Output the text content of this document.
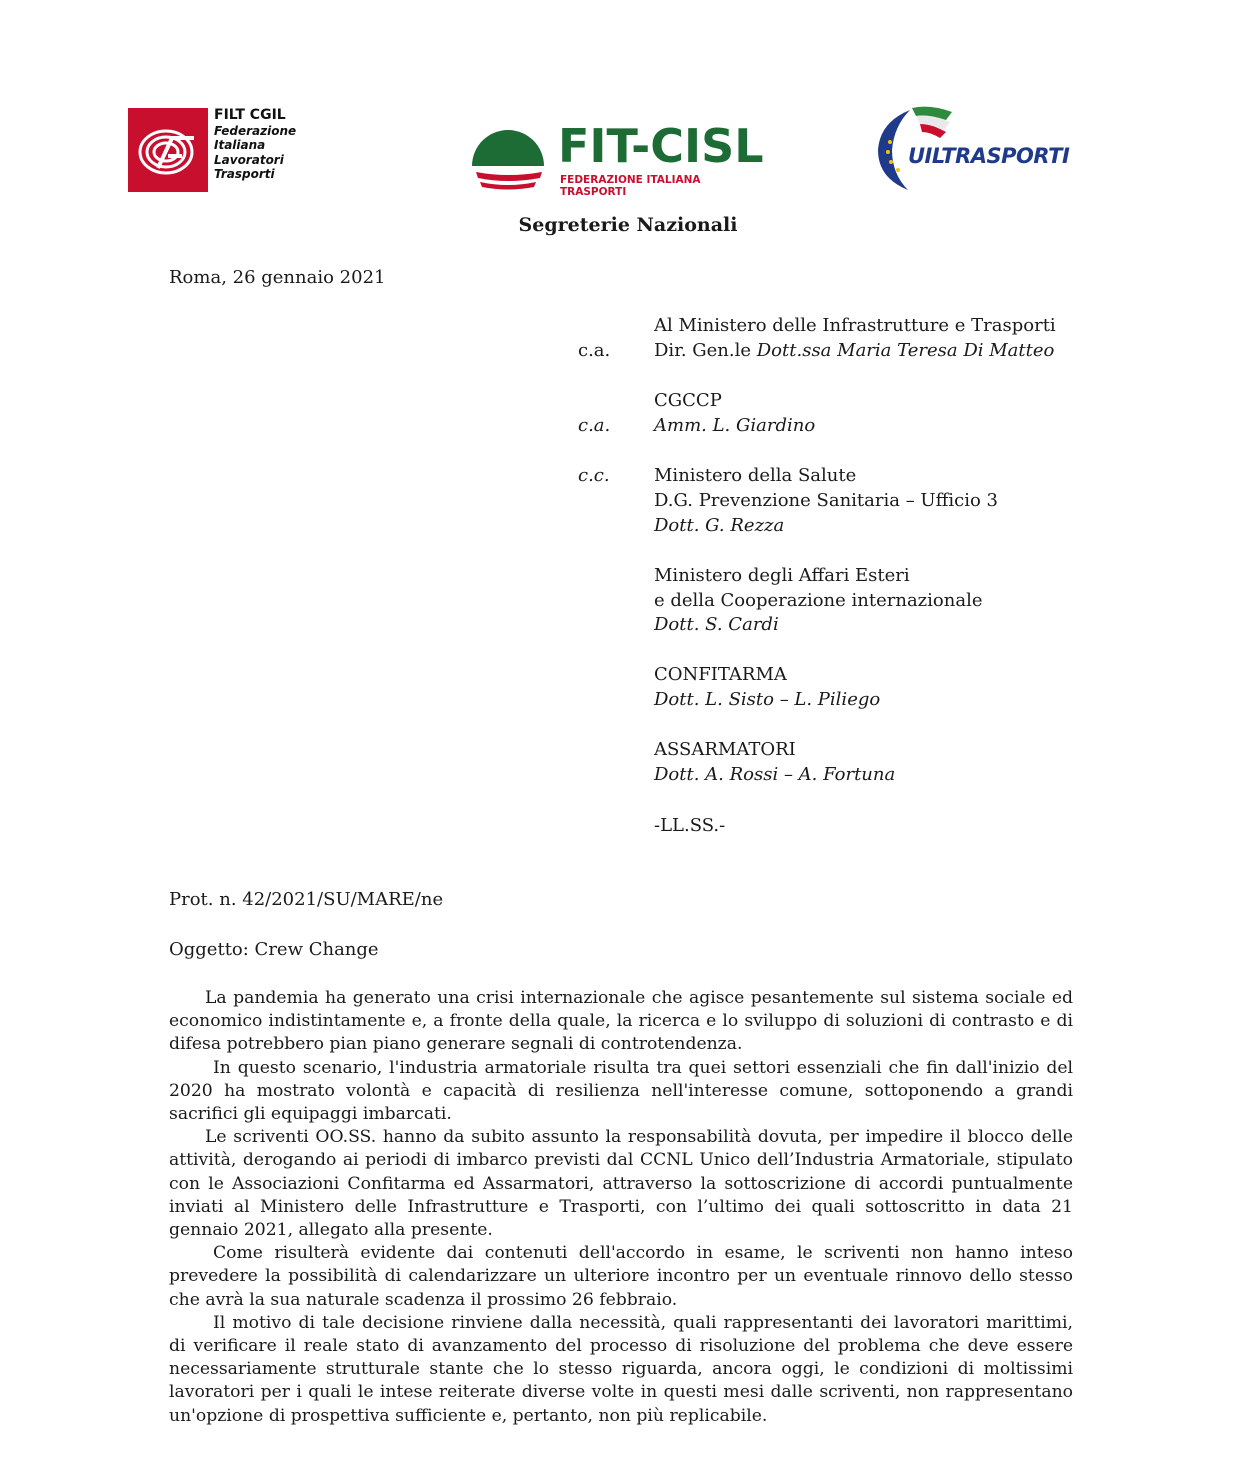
FILT CGIL
Federazione
Italiana
Lavoratori
Trasporti
FIT-CISL
FEDERAZIONE ITALIANA TRASPORTI
UILTRASPORTI
Segreterie Nazionali
Roma, 26 gennaio 2021
Al Ministero delle Infrastrutture e Trasporti
c.a. Dir. Gen.le Dott.ssa Maria Teresa Di Matteo
CGCCP
c.a. Amm. L. Giardino
c.c. Ministero della Salute
D.G. Prevenzione Sanitaria – Ufficio 3
Dott. G. Rezza
Ministero degli Affari Esteri
e della Cooperazione internazionale
Dott. S. Cardi
CONFITARMA
Dott. L. Sisto – L. Piliego
ASSARMATORI
Dott. A. Rossi – A. Fortuna
-LL.SS.-
Prot. n. 42/2021/SU/MARE/ne
Oggetto: Crew Change

La pandemia ha generato una crisi internazionale che agisce pesantemente sul sistema sociale ed economico indistintamente e, a fronte della quale, la ricerca e lo sviluppo di soluzioni di contrasto e di difesa potrebbero pian piano generare segnali di controtendenza.

In questo scenario, l'industria armatoriale risulta tra quei settori essenziali che fin dall'inizio del 2020 ha mostrato volontà e capacità di resilienza nell'interesse comune, sottoponendo a grandi sacrifici gli equipaggi imbarcati.

Le scriventi OO.SS. hanno da subito assunto la responsabilità dovuta, per impedire il blocco delle attività, derogando ai periodi di imbarco previsti dal CCNL Unico dell’Industria Armatoriale, stipulato con le Associazioni Confitarma ed Assarmatori, attraverso la sottoscrizione di accordi puntualmente inviati al Ministero delle Infrastrutture e Trasporti, con l’ultimo dei quali sottoscritto in data 21 gennaio 2021, allegato alla presente.

Come risulterà evidente dai contenuti dell'accordo in esame, le scriventi non hanno inteso prevedere la possibilità di calendarizzare un ulteriore incontro per un eventuale rinnovo dello stesso che avrà la sua naturale scadenza il prossimo 26 febbraio.

Il motivo di tale decisione rinviene dalla necessità, quali rappresentanti dei lavoratori marittimi, di verificare il reale stato di avanzamento del processo di risoluzione del problema che deve essere necessariamente strutturale stante che lo stesso riguarda, ancora oggi, le condizioni di moltissimi lavoratori per i quali le intese reiterate diverse volte in questi mesi dalle scriventi, non rappresentano un'opzione di prospettiva sufficiente e, pertanto, non più replicabile.
